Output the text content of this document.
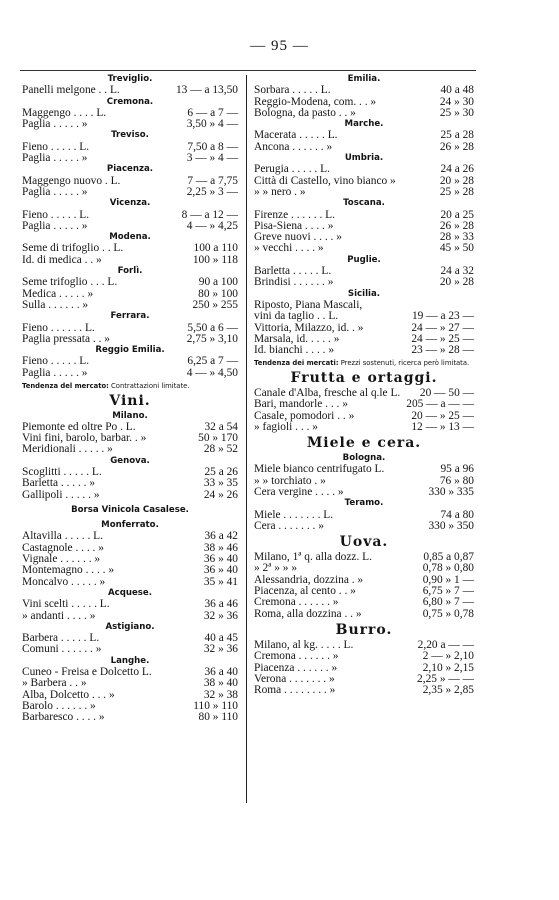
— 95 —
Treviglio.
Panelli melgone . . L.	13 — a 13,50
Cremona.
Maggengo . . . . L.	6 — a 7 —
Paglia . . . . . »	3,50 » 4 —
Treviso.
Fieno . . . . . L.	7,50 a 8 —
Paglia . . . . . »	3 — » 4 —
Piacenza.
Maggengo nuovo . L.	7 — a 7,75
Paglia . . . . . »	2,25 » 3 —
Vicenza.
Fieno . . . . . L.	8 — a 12 —
Paglia . . . . . »	4 — » 4,25
Modena.
Seme di trifoglio . . L.	100 a 110
Id. di medica . . »	100 » 118
Forlì.
Seme trifoglio . . . L.	90 a 100
Medica . . . . . »	80 » 100
Sulla . . . . . . »	250 » 255
Ferrara.
Fieno . . . . . . L.	5,50 a 6 —
Paglia pressata . . »	2,75 » 3,10
Reggio Emilia.
Fieno . . . . . L.	6,25 a 7 —
Paglia . . . . . »	4 — » 4,50
Tendenza del mercato: Contrattazioni limitate.
Vini.
Milano.
Piemonte ed oltre Po . L.	32 a 54
Vini fini, barolo, barbar. . »	50 » 170
Meridionali . . . . . »	28 » 52
Genova.
Scoglitti . . . . . L.	25 a 26
Barletta . . . . . »	33 » 35
Gallipoli . . . . . »	24 » 26
Borsa Vinicola Casalese.
Monferrato.
Altavilla . . . . . L.	36 a 42
Castagnole . . . . »	38 » 46
Vignale . . . . . . »	36 » 40
Montemagno . . . . »	36 » 40
Moncalvo . . . . . »	35 » 41
Acquese.
Vini scelti . . . . . L.	36 a 46
» andanti . . . . »	32 » 36
Astigiano.
Barbera . . . . . L.	40 a 45
Comuni . . . . . . »	32 » 36
Langhe.
Cuneo - Freisa e Dolcetto L.	36 a 40
» Barbera . . »	38 » 40
Alba, Dolcetto . . . »	32 » 38
Barolo . . . . . . »	110 » 110
Barbaresco . . . . »	80 » 110
Emilia.
Sorbara . . . . . L.	40 a 48
Reggio-Modena, com. . . »	24 » 30
Bologna, da pasto . . »	25 » 30
Marche.
Macerata . . . . . L.	25 a 28
Ancona . . . . . . »	26 » 28
Umbria.
Perugia . . . . . L.	24 a 26
Città di Castello, vino bianco »	20 » 28
» » nero . »	25 » 28
Toscana.
Firenze . . . . . . L.	20 a 25
Pisa-Siena . . . . »	26 » 28
Greve nuovi . . . . »	28 » 33
» vecchi . . . . »	45 » 50
Puglie.
Barletta . . . . . L.	24 a 32
Brindisi . . . . . . »	20 » 28
Sicilia.
Riposto, Piana Mascali,
vini da taglio . . L.	19 — a 23 —
Vittoria, Milazzo, id. . »	24 — » 27 —
Marsala, id. . . . . »	24 — » 25 —
Id. bianchi . . . . »	23 — » 28 —
Tendenza dei mercati: Prezzi sostenuti, ricerca però limitata.
Frutta e ortaggi.
Canale d'Alba, fresche al q.le L.	20 — 50 —
Bari, mandorle . . . »	205 — a — —
Casale, pomodori . . »	20 — » 25 —
» fagioli . . . »	12 — » 13 —
Miele e cera.
Bologna.
Miele bianco centrifugato L.	95 a 96
» » torchiato . »	76 » 80
Cera vergine . . . . »	330 » 335
Teramo.
Miele . . . . . . . L.	74 a 80
Cera . . . . . . . »	330 » 350
Uova.
Milano, 1ª q. alla dozz. L.	0,85 a 0,87
» 2ª » » »	0,78 » 0,80
Alessandria, dozzina . »	0,90 » 1 —
Piacenza, al cento . . »	6,75 » 7 —
Cremona . . . . . . »	6,80 » 7 —
Roma, alla dozzina . . »	0,75 » 0,78
Burro.
Milano, al kg. . . . . L.	2,20 a — —
Cremona . . . . . . »	2 — » 2,10
Piacenza . . . . . . »	2,10 » 2,15
Verona . . . . . . . »	2,25 » — —
Roma . . . . . . . . »	2,35 » 2,85
